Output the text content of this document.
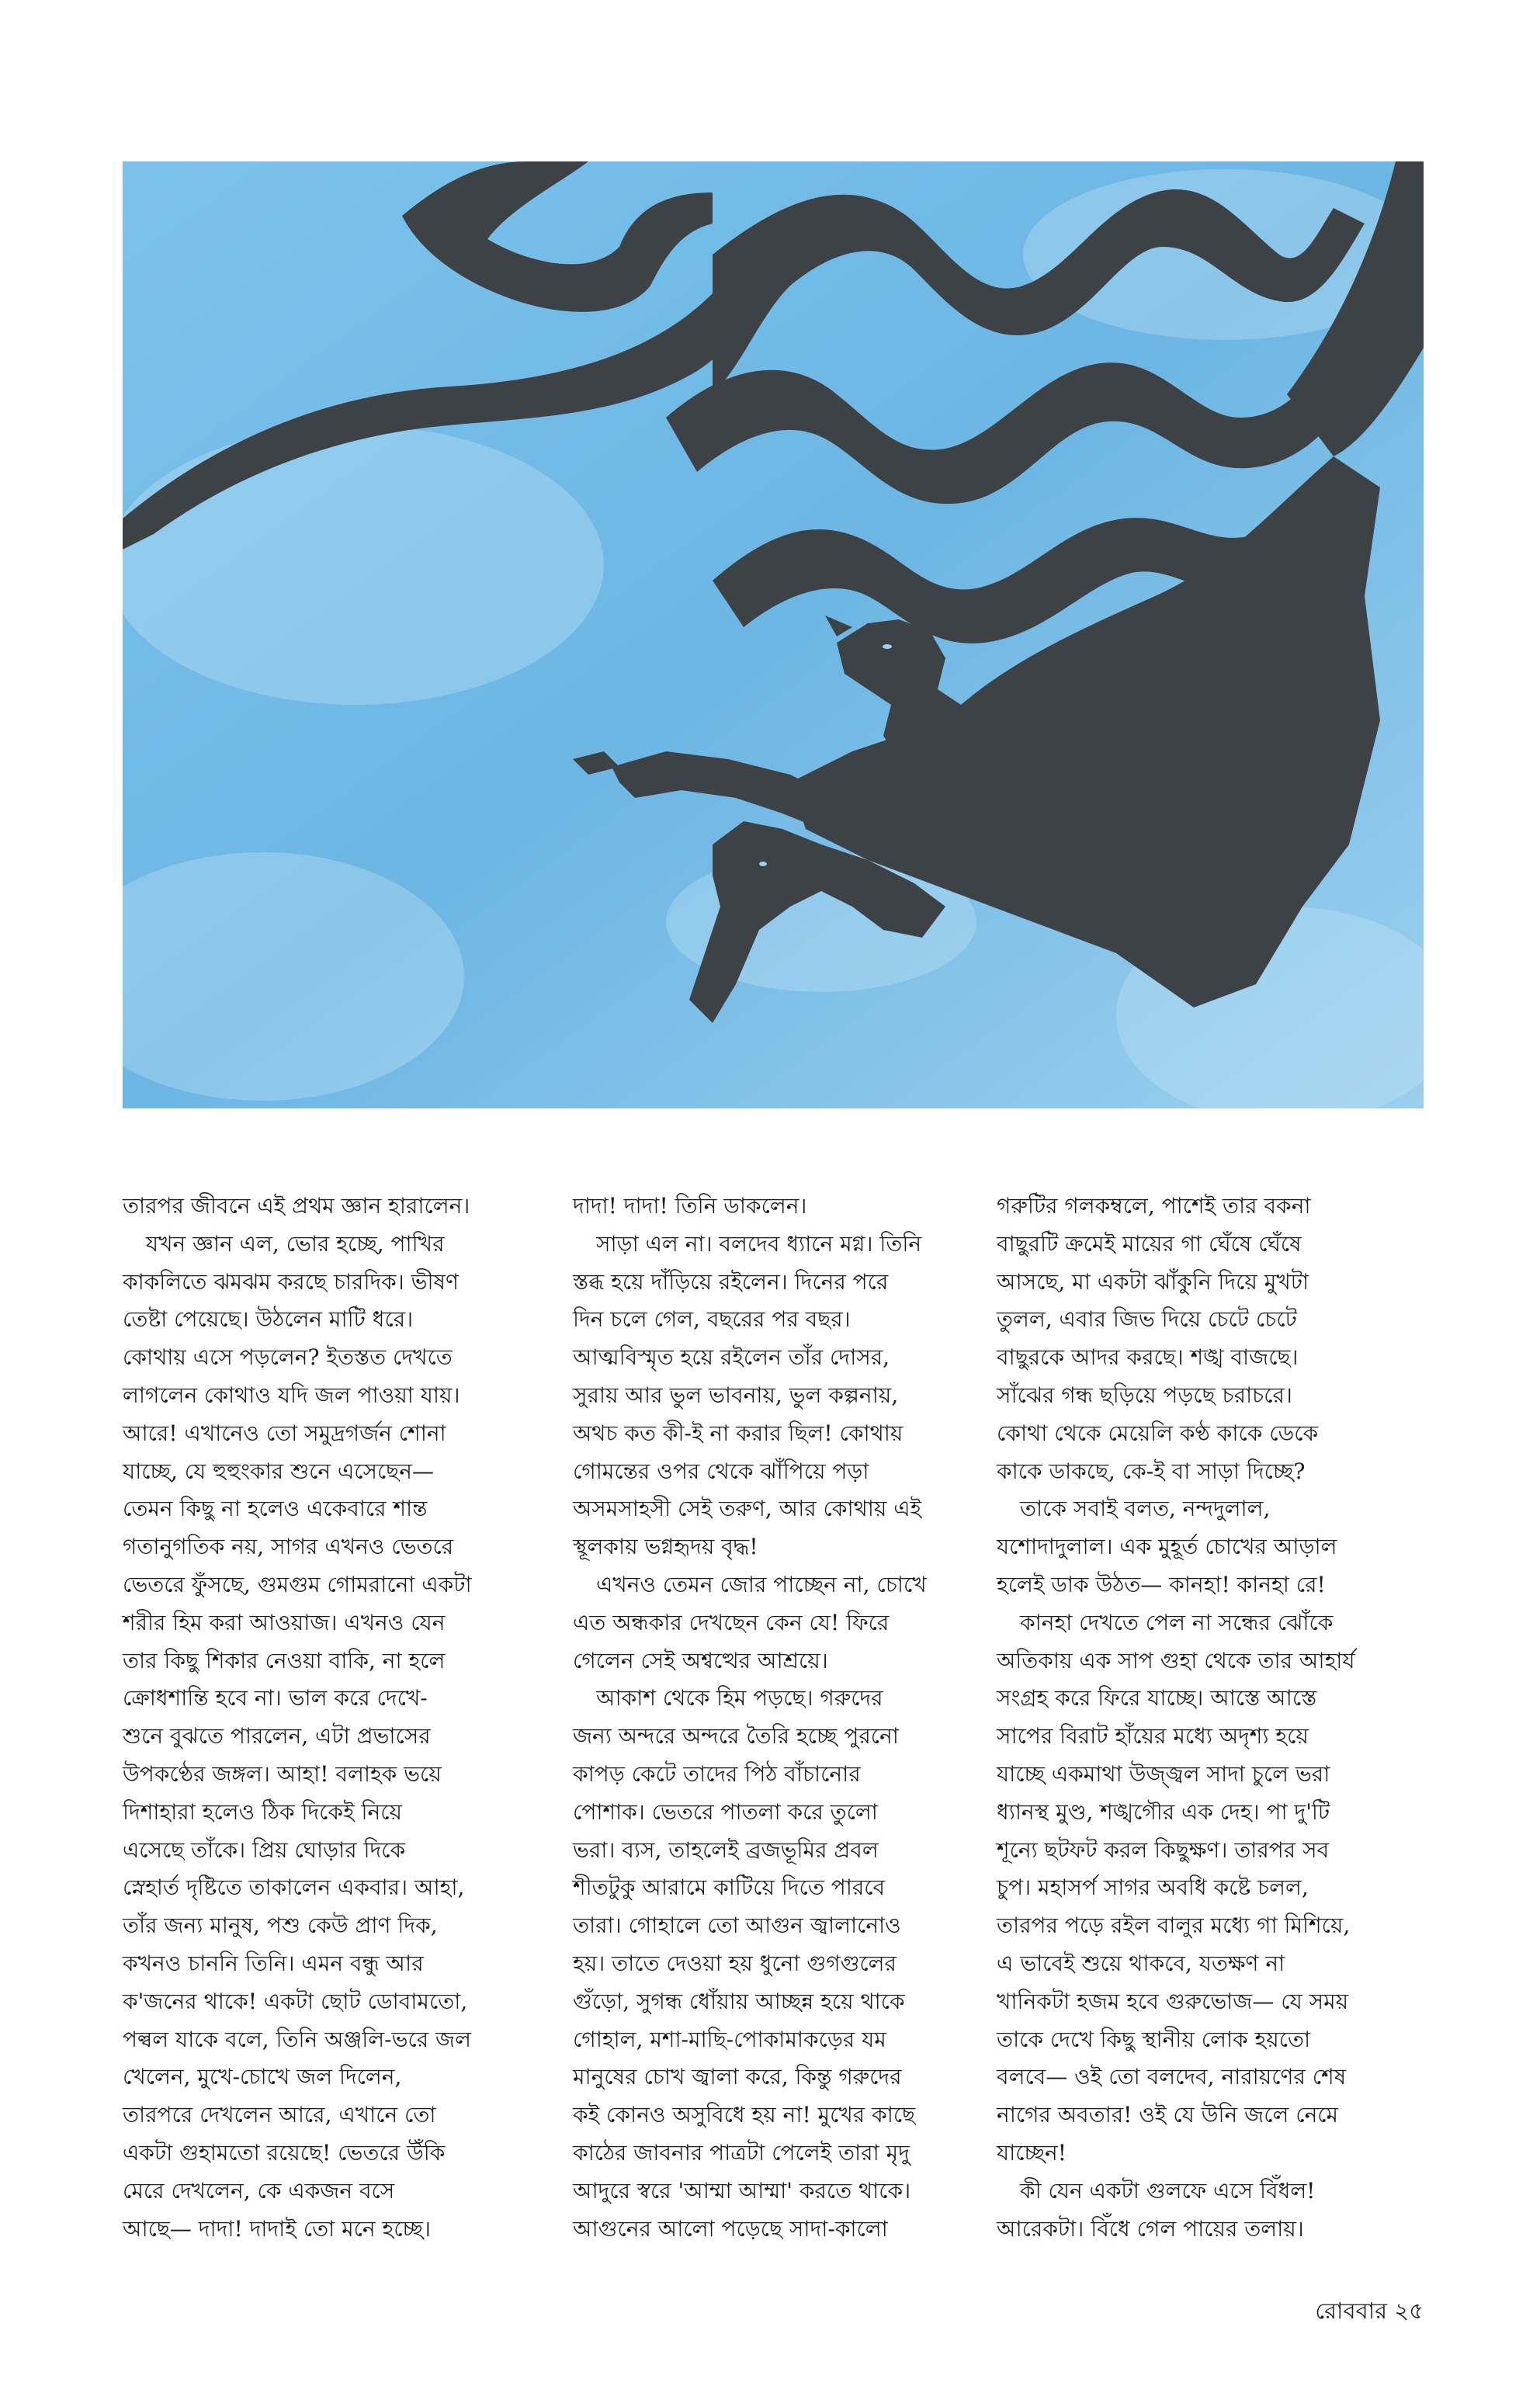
তারপর জীবনে এই প্রথম জ্ঞান হারালেন।

যখন জ্ঞান এল, ভোর হচ্ছে, পাখির

কাকলিতে ঝমঝম করছে চারদিক। ভীষণ

তেষ্টা পেয়েছে। উঠলেন মাটি ধরে।

কোথায় এসে পড়লেন? ইতস্তত দেখতে

লাগলেন কোথাও যদি জল পাওয়া যায়।

আরে! এখানেও তো সমুদ্রগর্জন শোনা

যাচ্ছে, যে হুহুংকার শুনে এসেছেন—

তেমন কিছু না হলেও একেবারে শান্ত

গতানুগতিক নয়, সাগর এখনও ভেতরে

ভেতরে ফুঁসছে, গুমগুম গোমরানো একটা

শরীর হিম করা আওয়াজ। এখনও যেন

তার কিছু শিকার নেওয়া বাকি, না হলে

ক্রোধশান্তি হবে না। ভাল করে দেখে-

শুনে বুঝতে পারলেন, এটা প্রভাসের

উপকণ্ঠের জঙ্গল। আহা! বলাহক ভয়ে

দিশাহারা হলেও ঠিক দিকেই নিয়ে

এসেছে তাঁকে। প্রিয় ঘোড়ার দিকে

স্নেহার্ত দৃষ্টিতে তাকালেন একবার। আহা,

তাঁর জন্য মানুষ, পশু কেউ প্রাণ দিক,

কখনও চাননি তিনি। এমন বন্ধু আর

ক'জনের থাকে! একটা ছোট ডোবামতো,

পল্বল যাকে বলে, তিনি অঞ্জলি-ভরে জল

খেলেন, মুখে-চোখে জল দিলেন,

তারপরে দেখলেন আরে, এখানে তো

একটা গুহামতো রয়েছে! ভেতরে উঁকি

মেরে দেখলেন, কে একজন বসে

আছে— দাদা! দাদাই তো মনে হচ্ছে।

দাদা! দাদা! তিনি ডাকলেন।

সাড়া এল না। বলদেব ধ্যানে মগ্ন। তিনি

স্তব্ধ হয়ে দাঁড়িয়ে রইলেন। দিনের পরে

দিন চলে গেল, বছরের পর বছর।

আত্মবিস্মৃত হয়ে রইলেন তাঁর দোসর,

সুরায় আর ভুল ভাবনায়, ভুল কল্পনায়,

অথচ কত কী-ই না করার ছিল! কোথায়

গোমন্তের ওপর থেকে ঝাঁপিয়ে পড়া

অসমসাহসী সেই তরুণ, আর কোথায় এই

স্থূলকায় ভগ্নহৃদয় বৃদ্ধ!

এখনও তেমন জোর পাচ্ছেন না, চোখে

এত অন্ধকার দেখছেন কেন যে! ফিরে

গেলেন সেই অশ্বত্থের আশ্রয়ে।

আকাশ থেকে হিম পড়ছে। গরুদের

জন্য অন্দরে অন্দরে তৈরি হচ্ছে পুরনো

কাপড় কেটে তাদের পিঠ বাঁচানোর

পোশাক। ভেতরে পাতলা করে তুলো

ভরা। ব্যস, তাহলেই ব্রজভূমির প্রবল

শীতটুকু আরামে কাটিয়ে দিতে পারবে

তারা। গোহালে তো আগুন জ্বালানোও

হয়। তাতে দেওয়া হয় ধুনো গুগগুলের

গুঁড়ো, সুগন্ধ ধোঁয়ায় আচ্ছন্ন হয়ে থাকে

গোহাল, মশা-মাছি-পোকামাকড়ের যম

মানুষের চোখ জ্বালা করে, কিন্তু গরুদের

কই কোনও অসুবিধে হয় না! মুখের কাছে

কাঠের জাবনার পাত্রটা পেলেই তারা মৃদু

আদুরে স্বরে 'আম্মা আম্মা' করতে থাকে।

আগুনের আলো পড়েছে সাদা-কালো

গরুটির গলকম্বলে, পাশেই তার বকনা

বাছুরটি ক্রমেই মায়ের গা ঘেঁষে ঘেঁষে

আসছে, মা একটা ঝাঁকুনি দিয়ে মুখটা

তুলল, এবার জিভ দিয়ে চেটে চেটে

বাছুরকে আদর করছে। শঙ্খ বাজছে।

সাঁঝের গন্ধ ছড়িয়ে পড়ছে চরাচরে।

কোথা থেকে মেয়েলি কণ্ঠ কাকে ডেকে

কাকে ডাকছে, কে-ই বা সাড়া দিচ্ছে?

তাকে সবাই বলত, নন্দদুলাল,

যশোদাদুলাল। এক মুহূর্ত চোখের আড়াল

হলেই ডাক উঠত— কানহা! কানহা রে!

কানহা দেখতে পেল না সন্ধের ঝোঁকে

অতিকায় এক সাপ গুহা থেকে তার আহার্য

সংগ্রহ করে ফিরে যাচ্ছে। আস্তে আস্তে

সাপের বিরাট হাঁয়ের মধ্যে অদৃশ্য হয়ে

যাচ্ছে একমাথা উজ্জ্বল সাদা চুলে ভরা

ধ্যানস্থ মুণ্ড, শঙ্খগৌর এক দেহ। পা দু'টি

শূন্যে ছটফট করল কিছুক্ষণ। তারপর সব

চুপ। মহাসর্প সাগর অবধি কষ্টে চলল,

তারপর পড়ে রইল বালুর মধ্যে গা মিশিয়ে,

এ ভাবেই শুয়ে থাকবে, যতক্ষণ না

খানিকটা হজম হবে গুরুভোজ— যে সময়

তাকে দেখে কিছু স্থানীয় লোক হয়তো

বলবে— ওই তো বলদেব, নারায়ণের শেষ

নাগের অবতার! ওই যে উনি জলে নেমে

যাচ্ছেন!

কী যেন একটা গুলফে এসে বিঁধল!

আরেকটা। বিঁধে গেল পায়ের তলায়।

রোববার ২৫
